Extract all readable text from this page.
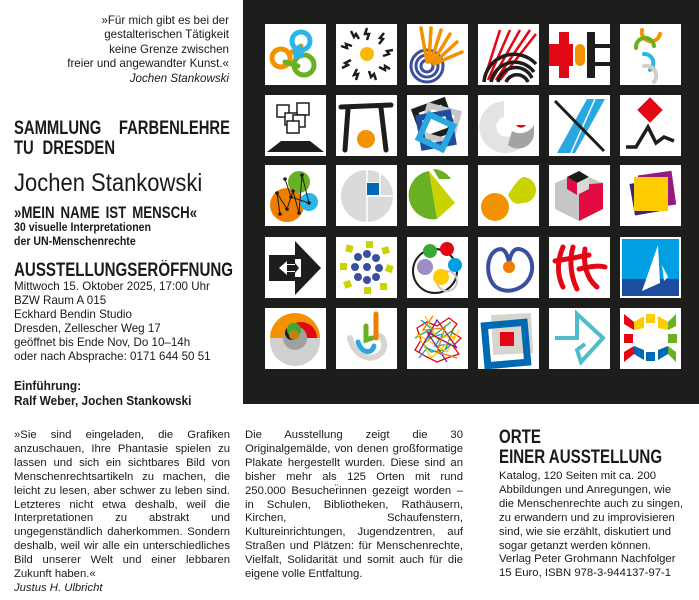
»Für mich gibt es bei der
gestalterischen Tätigkeit
keine Grenze zwischen
freier und angewandter Kunst.«
Jochen Stankowski
SAMMLUNG  FARBENLEHRE
TU DRESDEN
Jochen Stankowski
»MEIN NAME IST MENSCH«
30 visuelle Interpretationen
der UN-Menschenrechte
AUSSTELLUNGSERÖFFNUNG
Mittwoch 15. Oktober 2025, 17:00 Uhr
BZW Raum A 015
Eckhard Bendin Studio
Dresden, Zellescher Weg 17
geöffnet bis Ende Nov, Do 10–14h
oder nach Absprache: 0171 644 50 51
Einführung:
Ralf Weber, Jochen Stankowski
»Sie sind eingeladen, die Grafiken anzuschauen, Ihre Phantasie spielen zu lassen und sich ein sichtbares Bild von Menschenrechtsartikeln zu machen, die leicht zu lesen, aber schwer zu leben sind. Letzteres nicht etwa deshalb, weil die Interpretationen zu abstrakt und ungegenständlich daherkommen. Sondern deshalb, weil wir alle ein unterschiedliches Bild unserer Welt und einer lebbaren Zukunft haben.«
Justus H. Ulbricht
Die Ausstellung zeigt die 30 Originalgemälde, von denen großformatige Plakate hergestellt wurden. Diese sind an bisher mehr als 125 Orten mit rund 250.000 Besucher̈innen gezeigt worden – in Schulen, Bibliotheken, Rathäusern, Kirchen, Schaufenstern, Kultureinrichtungen, Jugendzentren, auf Straßen und Plätzen: für Menschenrechte, Vielfalt, Solidarität und somit auch für die eigene volle Entfaltung.
ORTE
EINER AUSSTELLUNG
Katalog, 120 Seiten mit ca. 200
Abbildungen und Anregungen, wie
die Menschenrechte auch zu singen,
zu erwandern und zu improvisieren
sind, wie sie erzählt, diskutiert und
sogar getanzt werden können.
Verlag Peter Grohmann Nachfolger
15 Euro, ISBN 978-3-944137-97-1
